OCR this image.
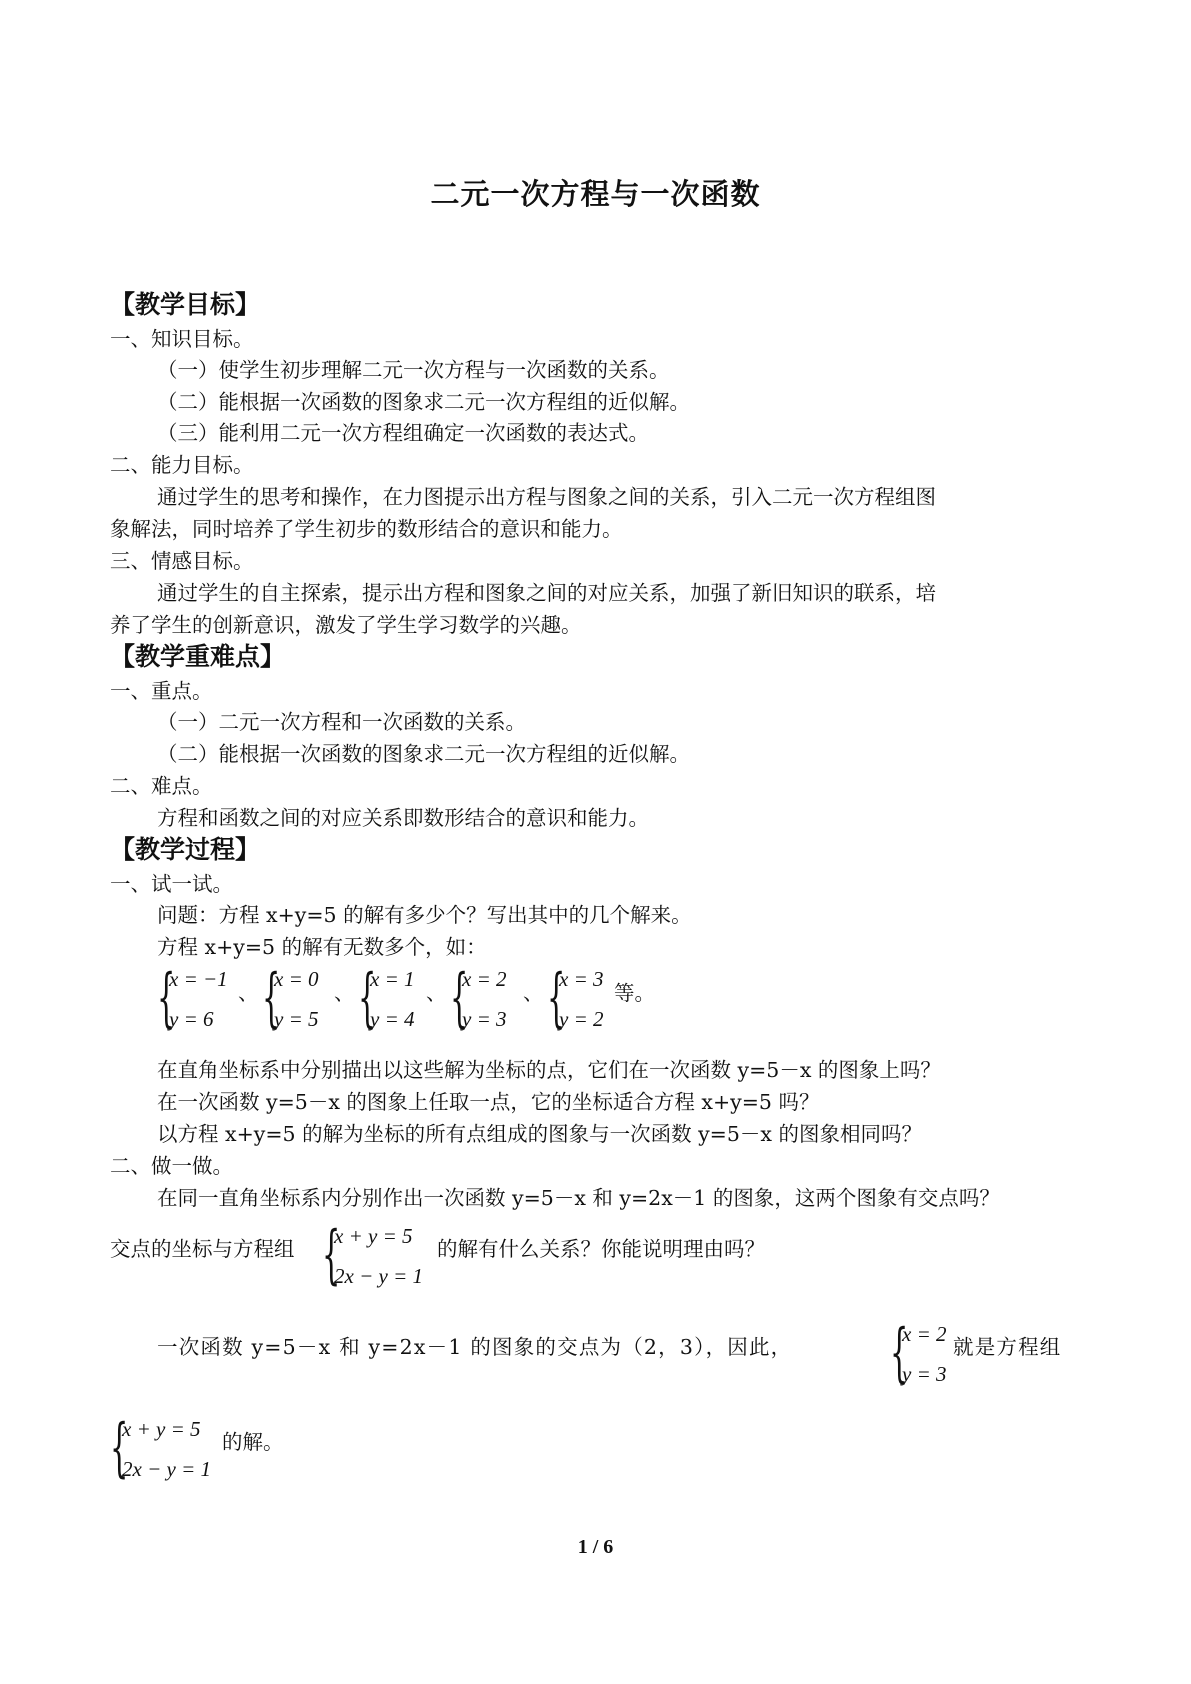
二元一次方程与一次函数
【教学目标】
一、知识目标。
（一）使学生初步理解二元一次方程与一次函数的关系。
（二）能根据一次函数的图象求二元一次方程组的近似解。
（三）能利用二元一次方程组确定一次函数的表达式。
二、能力目标。
通过学生的思考和操作，在力图提示出方程与图象之间的关系，引入二元一次方程组图
象解法，同时培养了学生初步的数形结合的意识和能力。
三、情感目标。
通过学生的自主探索，提示出方程和图象之间的对应关系，加强了新旧知识的联系，培
养了学生的创新意识，激发了学生学习数学的兴趣。
【教学重难点】
一、重点。
（一）二元一次方程和一次函数的关系。
（二）能根据一次函数的图象求二元一次方程组的近似解。
二、难点。
方程和函数之间的对应关系即数形结合的意识和能力。
【教学过程】
一、试一试。
问题：方程 x+y=5 的解有多少个？写出其中的几个解来。
方程 x+y=5 的解有无数多个，如：
{
x = −1
y = 6
、 {
x = 0
y = 5
、 {
x = 1
y = 4
、 {
x = 2
y = 3
、 {
x = 3
y = 2
等。
在直角坐标系中分别描出以这些解为坐标的点，它们在一次函数 y=5－x 的图象上吗？
在一次函数 y=5－x 的图象上任取一点，它的坐标适合方程 x+y=5 吗？
以方程 x+y=5 的解为坐标的所有点组成的图象与一次函数 y=5－x 的图象相同吗？
二、做一做。
在同一直角坐标系内分别作出一次函数 y=5－x 和 y=2x－1 的图象，这两个图象有交点吗？
交点的坐标与方程组 {
x + y = 5
2x − y = 1
的解有什么关系？你能说明理由吗？
一次函数 y=5－x 和 y=2x－1 的图象的交点为（2，3），因此， {
x = 2
y = 3
就是方程组
{
x + y = 5
2x − y = 1
的解。
1 / 6
